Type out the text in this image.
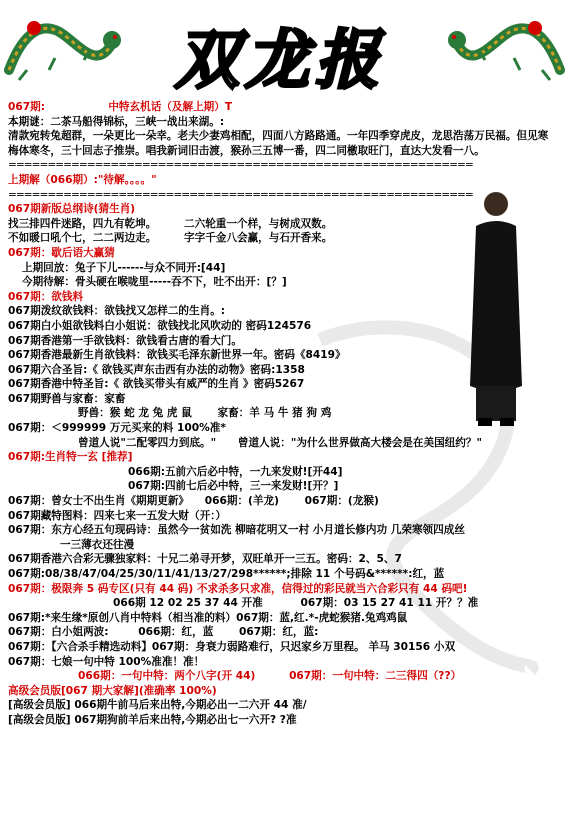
双龙报
067期:	中特玄机话（及解上期）T
本期谜：二茶马船得锦标，三峡一战出来湖。:
清款宛转兔超群，一朵更比一朵幸。老夫少妻鸡相配，四面八方路路通。一年四季穿虎皮，龙思浩荡万民福。但见寒梅体寒冬，三十回志子推崇。唱我新词旧击渡，猴孙三五博一番，四二同檄取旺门，直达大发看一八。
===========================================================
上期解（066期）:"待解。。。。"
===========================================================
067期新版总纲诗(猜生肖)
找三排四件迷路，四九有乾坤。	二六轮重一个样，与树成双数。
不如暖口吼个七，二二两边走。	字字千金八会赢，与石开香来。
067期：歇后语大赢猜
上期回放：兔子下儿------与众不同开:[44]
今期待解：骨头硬在喉咙里-----吞不下，吐不出开：[？]
067期：欲钱料
067期泼纹欲钱料：欲钱找又怎样二的生肖。:
067期白小姐欲钱料白小姐说：欲钱找北风吹动的 密码124576
067期香港第一手欲钱料：欲钱看古唐的看大门。
067期香港最新生肖欲钱料：欲钱买毛泽东新世界一年。密码《8419》
067期六合圣旨:《 欲钱买声东击西有办法的动物》密码:1358
067期香港中特圣旨:《 欲钱买带头有威严的生肖 》密码5267
067期野兽与家畜：家畜
野兽：猴 蛇 龙 兔 虎 鼠 家畜：羊 马 牛 猪 狗 鸡
067期：＜999999 万元买来的料 100%准*
曾道人说"二配零四力到底。" 曾道人说："为什么世界做高大楼会是在美国纽约？"
067期:生肖特一玄 [推荐]
066期:五前六后必中特，一九来发财![开44]
067期:四前七后必中特，三一来发财![开？]
067期：曾女士不出生肖《期期更新》 066期：(羊龙) 067期：(龙猴)
067期藏特图料：四来七来一五发大财（开：）
067期：东方心经五句现码诗：虽然今一贫如洗 柳暗花明又一村 小月道长修内功 几荣寒领四成丝
一三薄衣还往漫
067期香港六合彩无骤独家料：十兄二弟寻开梦，双旺单开一三五。密码：2、5、7
067期:08/38/47/04/25/30/11/41/13/27/298******;排除 11 个号码&******:红，蓝
067期：极限奔 5 码专区(只有 44 码) 不求杀多只求准，信得过的彩民就当六合彩只有 44 码吧!
066期 12 02 25 37 44 开准	067期：03 15 27 41 11 开？？准
067期:*来生缘*原创八肖中特料（相当准的料）067期：蓝,红.*-虎蛇猴猪.兔鸡鸡鼠
067期：白小姐两波:	066期：红，蓝 067期：红，蓝:
067期：【六合杀手精选动料】067期：身衰力弱路难行，只迟家乡万里程。 羊马 30156 小双
067期：七娘一句中特 100%准准！准！
066期：一句中特：两个八字(开 44)	067期：一句中特：二三得四（??）
高级会员版[067 期大家解](准确率 100%)
[高级会员版] 066期牛前马后来出特,今期必出一二六开 44 准/
[高级会员版] 067期狗前羊后来出特,今期必出七一六开? ?准
